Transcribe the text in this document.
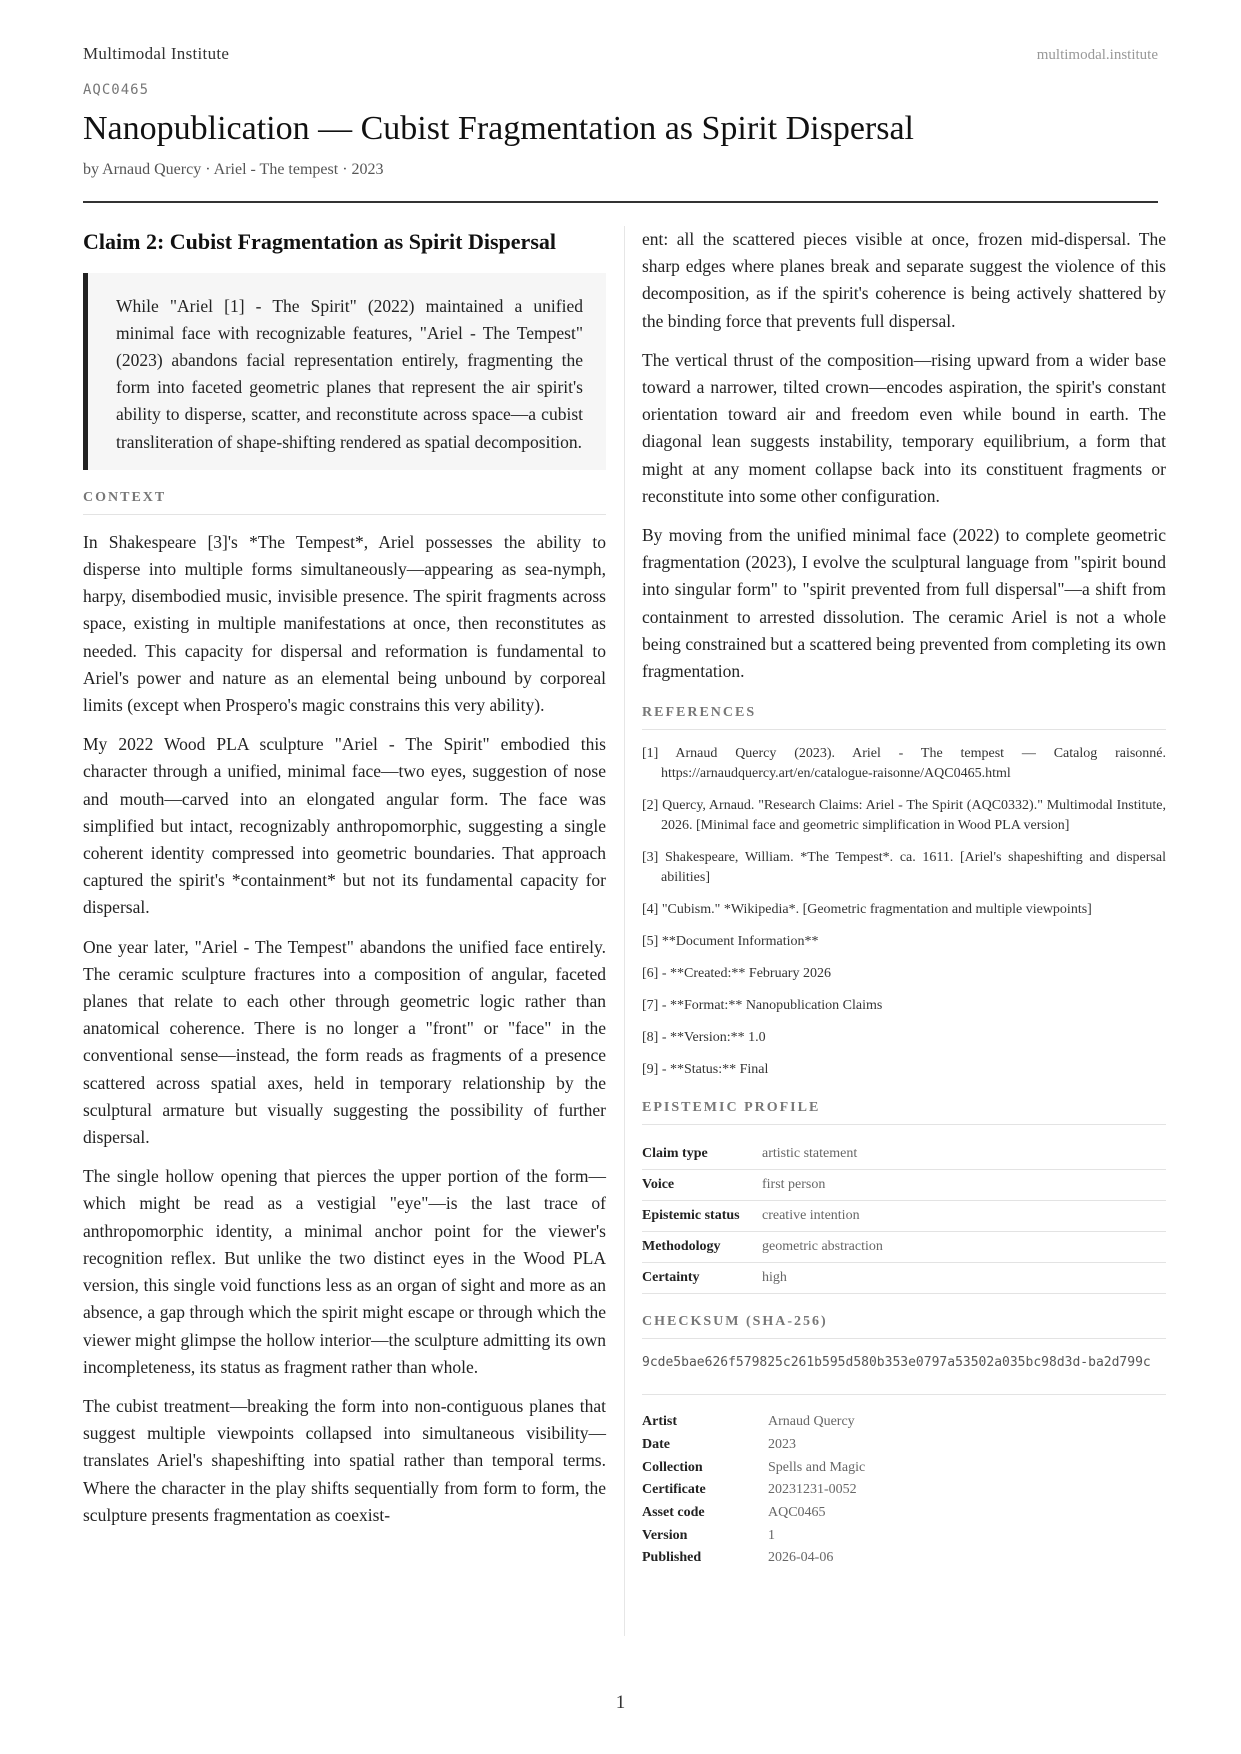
Multimodal Institute	multimodal.institute
AQC0465
Nanopublication — Cubist Fragmentation as Spirit Dispersal
by Arnaud Quercy · Ariel - The tempest · 2023
Claim 2: Cubist Fragmentation as Spirit Dispersal

While "Ariel [1] - The Spirit" (2022) maintained a unified minimal face with recognizable features, "Ariel - The Tempest" (2023) abandons facial representation entirely, fragmenting the form into faceted geometric planes that represent the air spirit's ability to disperse, scatter, and reconstitute across space—a cubist transliteration of shape-shifting rendered as spatial decomposition.

CONTEXT

In Shakespeare [3]'s *The Tempest*, Ariel possesses the ability to disperse into multiple forms simultaneously—appearing as sea-nymph, harpy, disembodied music, invisible presence. The spirit fragments across space, existing in multiple manifestations at once, then reconstitutes as needed. This capacity for dispersal and reformation is fundamental to Ariel's power and nature as an elemental being unbound by corporeal limits (except when Prospero's magic constrains this very ability).

My 2022 Wood PLA sculpture "Ariel - The Spirit" embodied this character through a unified, minimal face—two eyes, suggestion of nose and mouth—carved into an elongated angular form. The face was simplified but intact, recognizably anthropomorphic, suggesting a single coherent identity compressed into geometric boundaries. That approach captured the spirit's *containment* but not its fundamental capacity for dispersal.

One year later, "Ariel - The Tempest" abandons the unified face entirely. The ceramic sculpture fractures into a composition of angular, faceted planes that relate to each other through geometric logic rather than anatomical coherence. There is no longer a "front" or "face" in the conventional sense—instead, the form reads as fragments of a presence scattered across spatial axes, held in temporary relationship by the sculptural armature but visually suggesting the possibility of further dispersal.

The single hollow opening that pierces the upper portion of the form—which might be read as a vestigial "eye"—is the last trace of anthropomorphic identity, a minimal anchor point for the viewer's recognition reflex. But unlike the two distinct eyes in the Wood PLA version, this single void functions less as an organ of sight and more as an absence, a gap through which the spirit might escape or through which the viewer might glimpse the hollow interior—the sculpture admitting its own incompleteness, its status as fragment rather than whole.

The cubist treatment—breaking the form into non-contiguous planes that suggest multiple viewpoints collapsed into simultaneous visibility—translates Ariel's shapeshifting into spatial rather than temporal terms. Where the character in the play shifts sequentially from form to form, the sculpture presents fragmentation as coexist-

ent: all the scattered pieces visible at once, frozen mid-dispersal. The sharp edges where planes break and separate suggest the violence of this decomposition, as if the spirit's coherence is being actively shattered by the binding force that prevents full dispersal.

The vertical thrust of the composition—rising upward from a wider base toward a narrower, tilted crown—encodes aspiration, the spirit's constant orientation toward air and freedom even while bound in earth. The diagonal lean suggests instability, temporary equilibrium, a form that might at any moment collapse back into its constituent fragments or reconstitute into some other configuration.

By moving from the unified minimal face (2022) to complete geometric fragmentation (2023), I evolve the sculptural language from "spirit bound into singular form" to "spirit prevented from full dispersal"—a shift from containment to arrested dissolution. The ceramic Ariel is not a whole being constrained but a scattered being prevented from completing its own fragmentation.

REFERENCES
[1] Arnaud Quercy (2023). Ariel - The tempest — Catalog raisonné. https://arnaudquercy.art/en/catalogue-raisonne/AQC0465.html
[2] Quercy, Arnaud. "Research Claims: Ariel - The Spirit (AQC0332)." Multimodal Institute, 2026. [Minimal face and geometric simplification in Wood PLA version]
[3] Shakespeare, William. *The Tempest*. ca. 1611. [Ariel's shapeshifting and dispersal abilities]
[4] "Cubism." *Wikipedia*. [Geometric fragmentation and multiple viewpoints]
[5] **Document Information**
[6] - **Created:** February 2026
[7] - **Format:** Nanopublication Claims
[8] - **Version:** 1.0
[9] - **Status:** Final
EPISTEMIC PROFILE
Claim type	artistic statement
Voice	first person
Epistemic status	creative intention
Methodology	geometric abstraction
Certainty	high
CHECKSUM (SHA-256)
9cde5bae626f579825c261b595d580b353e0797a53502a035bc98d3d-ba2d799c
Artist	Arnaud Quercy
Date	2023
Collection	Spells and Magic
Certificate	20231231-0052
Asset code	AQC0465
Version	1
Published	2026-04-06
1
